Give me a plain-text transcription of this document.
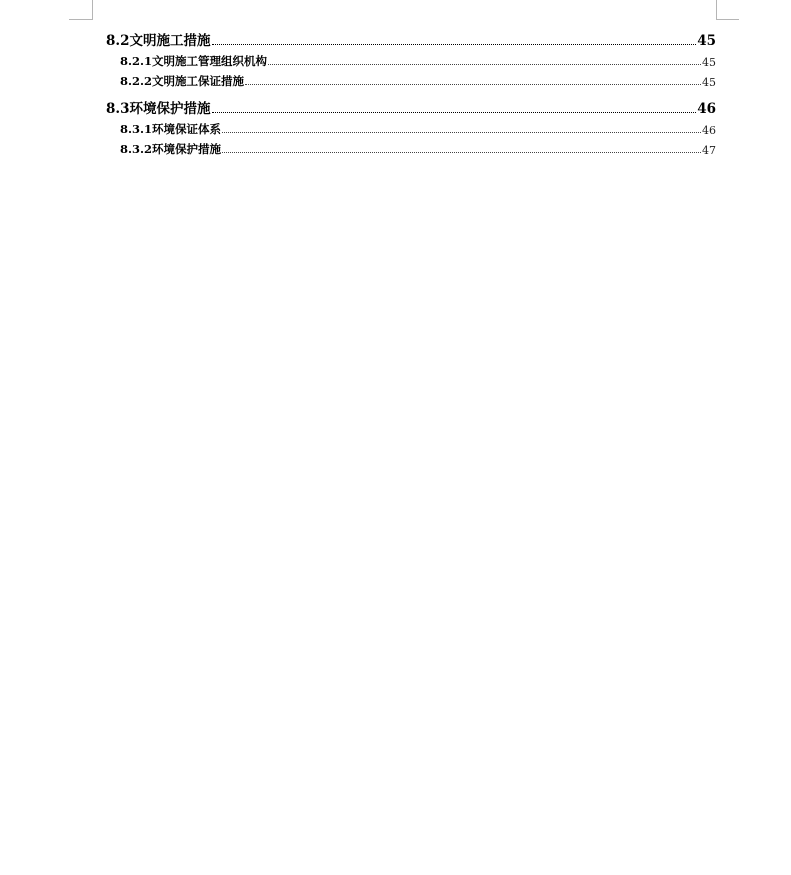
8.2文明施工措施	45
8.2.1文明施工管理组织机构	45
8.2.2文明施工保证措施	45
8.3环境保护措施	46
8.3.1环境保证体系	46
8.3.2环境保护措施	47
